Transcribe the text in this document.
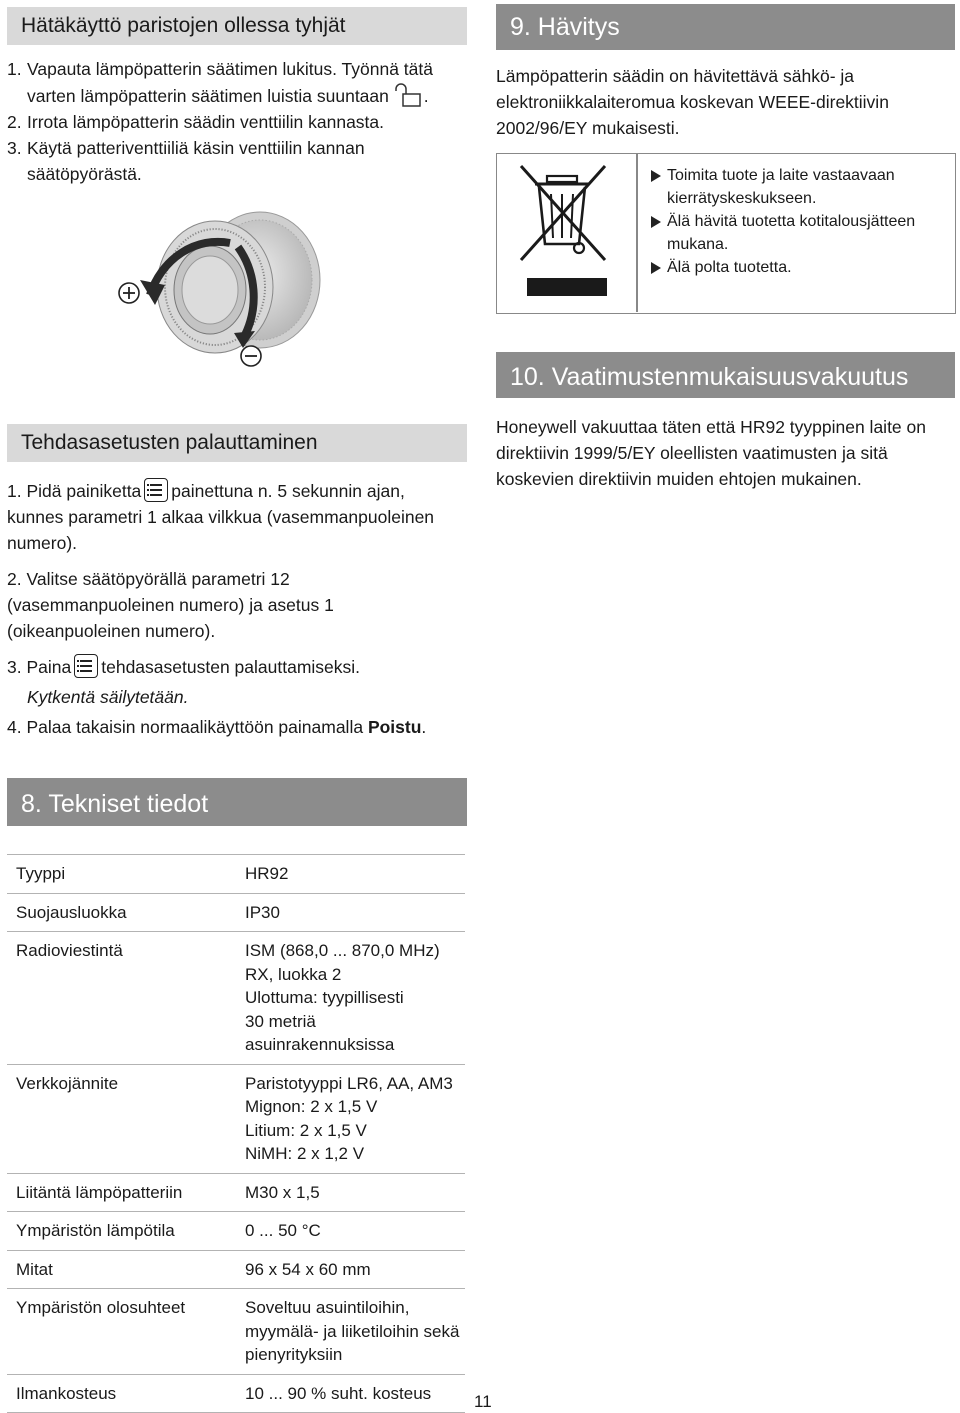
Hätäkäyttö paristojen ollessa tyhjät
1. Vapauta lämpöpatterin säätimen lukitus. Työnnä tätä varten lämpöpatterin säätimen luistia suuntaan .
2. Irrota lämpöpatterin säädin venttiilin kannasta.
3. Käytä patteriventtiiliä käsin venttiilin kannan säätöpyörästä.
Tehdasasetusten palauttaminen
1. Pidä painiketta painettuna n. 5 sekunnin ajan, kunnes parametri 1 alkaa vilkkua (vasemmanpuoleinen numero).
2. Valitse säätöpyörällä parametri 12 (vasemmanpuoleinen numero) ja asetus 1 (oikeanpuoleinen numero).
3. Paina tehdasasetusten palauttamiseksi.
Kytkentä säilytetään.
4. Palaa takaisin normaalikäyttöön painamalla Poistu.
9. Hävitys
Lämpöpatterin säädin on hävitettävä sähkö- ja elektroniikkalaiteromua koskevan WEEE-direktiivin 2002/96/EY mukaisesti.
Toimita tuote ja laite vastaavaan kierrätyskeskukseen.
Älä hävitä tuotetta kotitalousjätteen mukana.
Älä polta tuotetta.
10. Vaatimustenmukaisuusvakuutus
Honeywell vakuuttaa täten että HR92 tyyppinen laite on direktiivin 1999/5/EY oleellisten vaatimusten ja sitä koskevien direktiivin muiden ehtojen mukainen.
8. Tekniset tiedot
Tyyppi	HR92

Suojausluokka	IP30

Radioviestintä	ISM (868,0 ... 870,0 MHz)
RX, luokka 2
Ulottuma: tyypillisesti
30 metriä
asuinrakennuksissa

Verkkojännite	Paristotyyppi LR6, AA, AM3
Mignon: 2 x 1,5 V
Litium: 2 x 1,5 V
NiMH: 2 x 1,2 V

Liitäntä lämpöpatteriin	M30 x 1,5

Ympäristön lämpötila	0 ... 50 °C

Mitat	96 x 54 x 60 mm

Ympäristön olosuhteet	Soveltuu asuintiloihin,
myymälä- ja liiketiloihin sekä
pienyrityksiin

Ilmankosteus	10 ... 90 % suht. kosteus	11
